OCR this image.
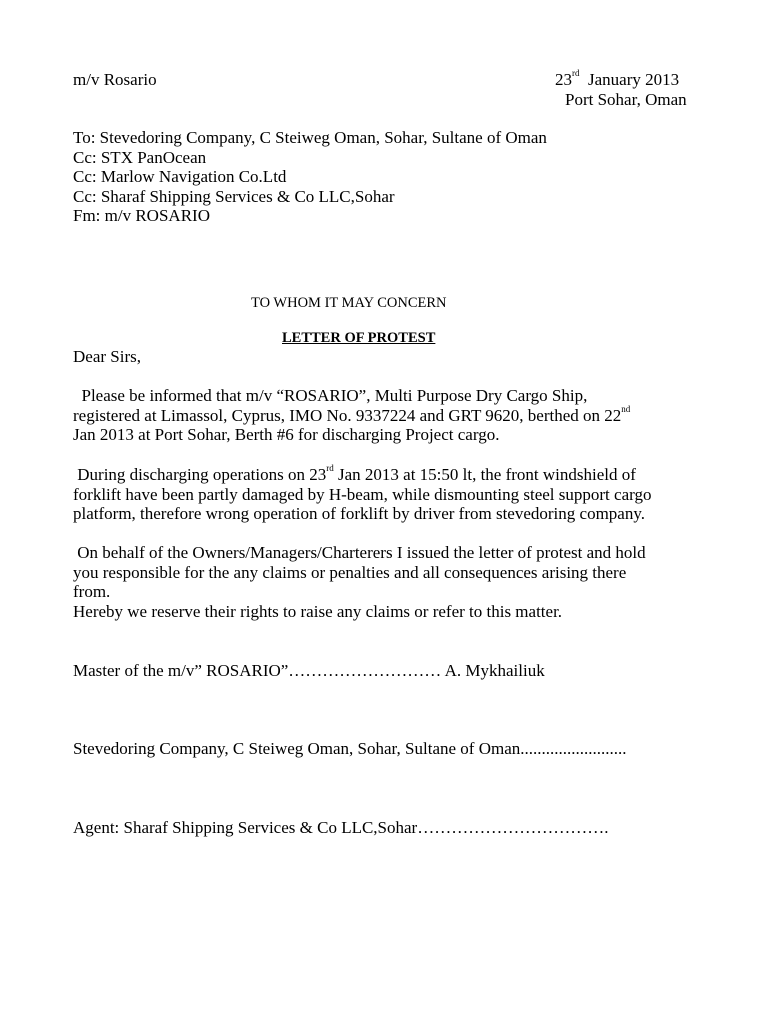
m/v Rosario	23rd January 2013
Port Sohar, Oman
To: Stevedoring Company, C Steiweg Oman, Sohar, Sultane of Oman
Cc: STX PanOcean
Cc: Marlow Navigation Co.Ltd
Cc: Sharaf Shipping Services & Co LLC,Sohar
Fm: m/v ROSARIO
TO WHOM IT MAY CONCERN
LETTER OF PROTEST
Dear Sirs,
Please be informed that m/v “ROSARIO”, Multi Purpose Dry Cargo Ship,
registered at Limassol, Cyprus, IMO No. 9337224 and GRT 9620, berthed on 22nd
Jan 2013 at Port Sohar, Berth #6 for discharging Project cargo.
During discharging operations on 23rd Jan 2013 at 15:50 lt, the front windshield of
forklift have been partly damaged by H-beam, while dismounting steel support cargo
platform, therefore wrong operation of forklift by driver from stevedoring company.
On behalf of the Owners/Managers/Charterers I issued the letter of protest and hold
you responsible for the any claims or penalties and all consequences arising there
from.
Hereby we reserve their rights to raise any claims or refer to this matter.
Master of the m/v” ROSARIO”……………………… A. Mykhailiuk
Stevedoring Company, C Steiweg Oman, Sohar, Sultane of Oman.........................
Agent: Sharaf Shipping Services & Co LLC,Sohar…………………………….
